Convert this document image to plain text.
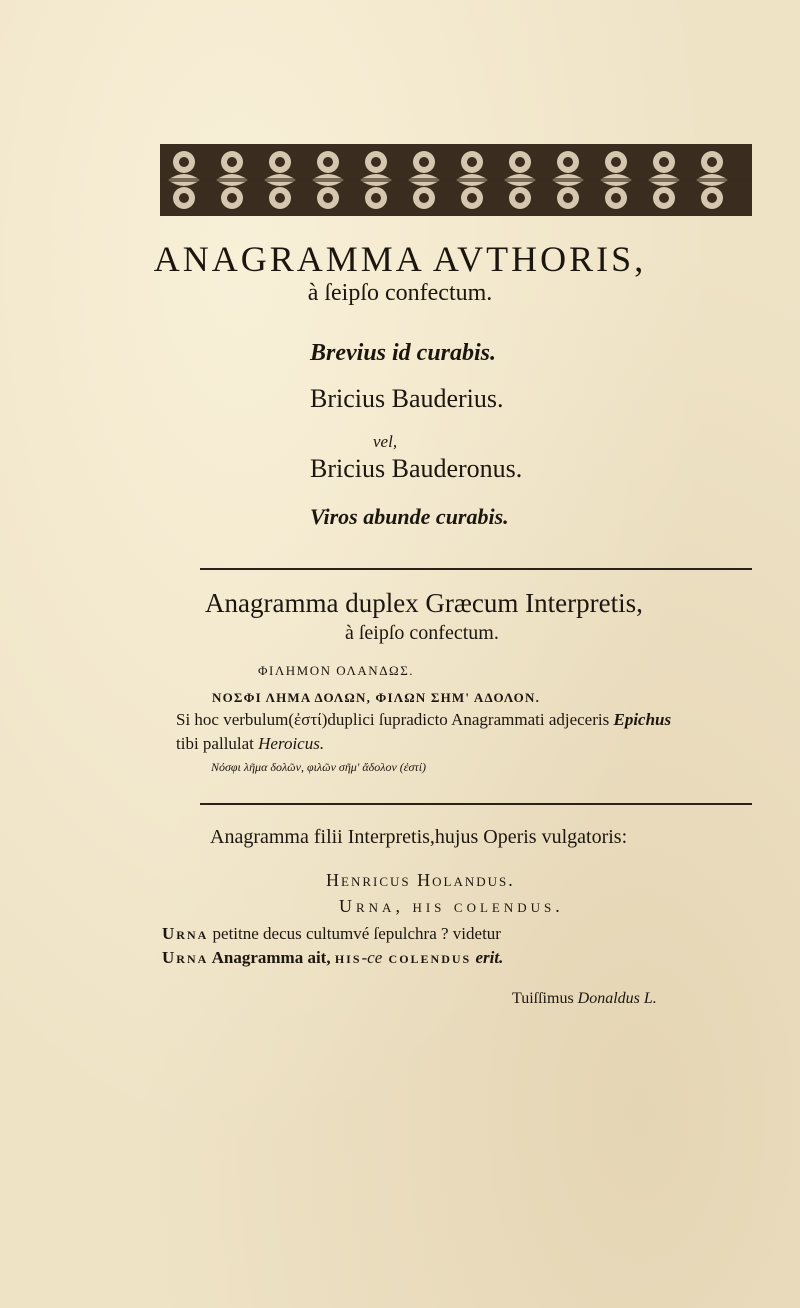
ANAGRAMMA AVTHORIS,
à ſeipſo confectum.
Brevius id curabis.
Bricius Bauderius.
vel,
Bricius Bauderonus.
Viros abunde curabis.
Anagramma duplex Græcum Interpretis,
à ſeipſo confectum.
ΦΙΛΗΜΟΝ ΟΛΑΝΔΩΣ.
ΝΟΣΦΙ ΛΗΜΑ ΔΟΛΩΝ, ΦΙΛΩΝ ΣΗΜ' ΑΔΟΛΟΝ.
Si hoc verbulum(ἐστί)duplici ſupradicto Anagrammati adjeceris Epichus
tibi pallulat Heroicus.
Νόσφι λῆμα δολῶν, φιλῶν σῆμ' ἄδολον (ἐστί)
Anagramma filii Interpretis,hujus Operis vulgatoris:
Henricus Holandus.
Urna, his colendus.
Urna petitne decus cultumvé ſepulchra ? videtur
Urna Anagramma ait, his-ce colendus erit.
Tuiſſimus Donaldus L.
